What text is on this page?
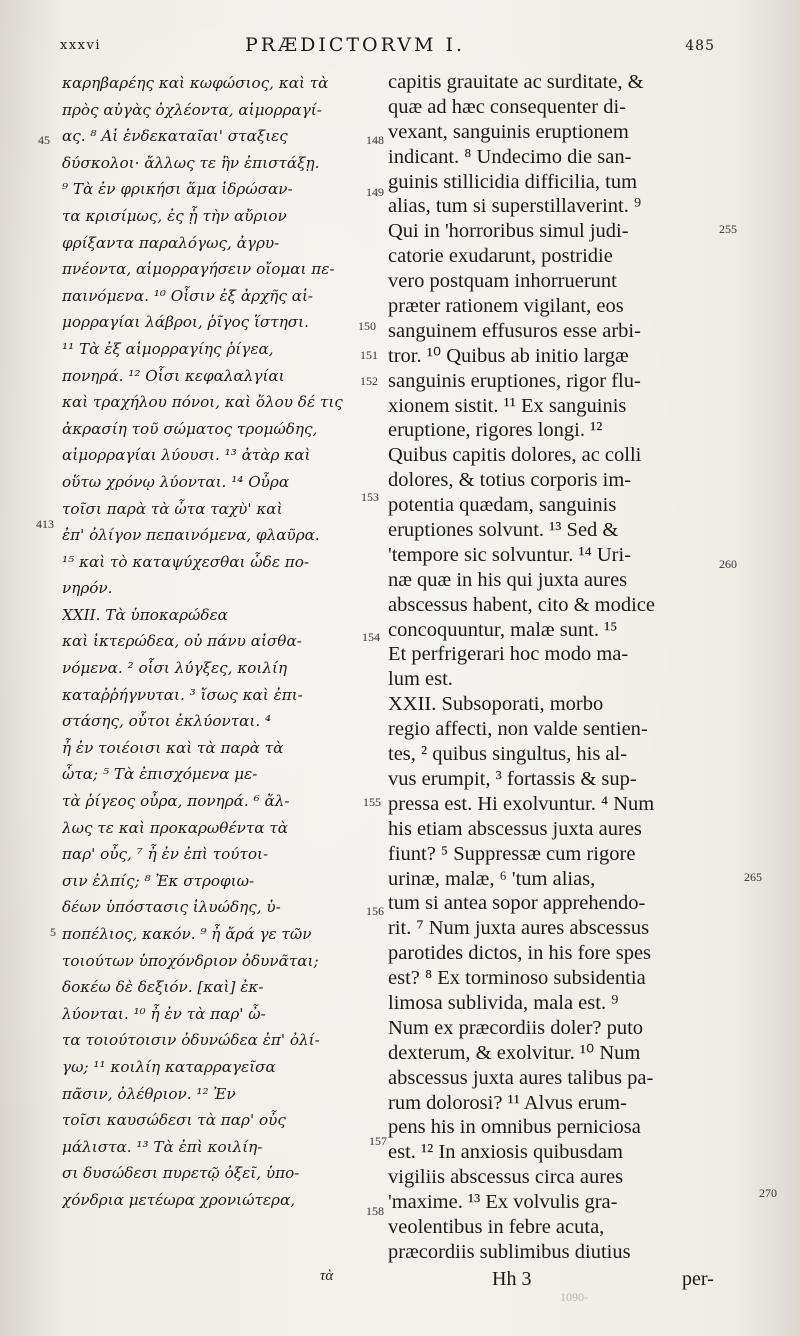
xxxvi	PRÆDICTORVM I.	485
καρηβαρέης καὶ κωφώσιος, καὶ τὰ
πρὸς αὐγὰς ὀχλέοντα, αἱμορραγί-
ας. ⁸ Αἱ ἑνδεκαταῖαι' σταξιες
δύσκολοι· ἄλλως τε ἢν ἐπιστάξῃ.
⁹ Τὰ ἐν φρικήσι ἅμα ἱδρώσαν-
τα κρισίμως, ἐς ᾗ τὴν αὔριον
φρίξαντα παραλόγως, ἀγρυ-
πνέοντα, αἱμορραγήσειν οἴομαι πε-
παινόμενα. ¹⁰ Οἷσιν ἐξ ἀρχῆς αἱ-
μορραγίαι λάβροι, ῥῖγος ἵστησι.
¹¹ Τὰ ἐξ αἱμορραγίης ῥίγεα,
πονηρά. ¹² Οἷσι κεφαλαλγίαι
καὶ τραχήλου πόνοι, καὶ ὅλου δέ τις
ἀκρασίη τοῦ σώματος τρομώδης,
αἱμορραγίαι λύουσι. ¹³ ἀτὰρ καὶ
οὕτω χρόνῳ λύονται. ¹⁴ Οὖρα
τοῖσι παρὰ τὰ ὦτα ταχὺ' καὶ
ἐπ' ὀλίγον πεπαινόμενα, φλαῦρα.
¹⁵ καὶ τὸ καταψύχεσθαι ὧδε πο-
νηρόν.
XXII. Τὰ ὑποκαρώδεα
καὶ ἰκτερώδεα, οὐ πάνυ αἰσθα-
νόμενα. ² οἷσι λύγξες, κοιλίη
καταῤῥήγνυται. ³ ἴσως καὶ ἐπι-
στάσης, οὗτοι ἐκλύονται. ⁴
ἦ ἐν τοιέοισι καὶ τὰ παρὰ τὰ
ὦτα; ⁵ Τὰ ἐπισχόμενα με-
τὰ ῥίγεος οὖρα, πονηρά. ⁶ ἄλ-
λως τε καὶ προκαρωθέντα τὰ
παρ' οὖς, ⁷ ἦ ἐν ἐπὶ τούτοι-
σιν ἐλπίς; ⁸ Ἐκ στροφιω-
δέων ὑπόστασις ἰλυώδης, ὑ-
ποπέλιος, κακόν. ⁹ ἦ ἄρά γε τῶν
τοιούτων ὑποχόνδριον ὀδυνᾶται;
δοκέω δὲ δεξιόν. [καὶ] ἐκ-
λύονται. ¹⁰ ἦ ἐν τὰ παρ' ὦ-
τα τοιούτοισιν ὀδυνώδεα ἐπ' ὀλί-
γω; ¹¹ κοιλίη καταρραγεῖσα
πᾶσιν, ὀλέθριον. ¹² Ἐν
τοῖσι καυσώδεσι τὰ παρ' οὖς
μάλιστα. ¹³ Τὰ ἐπὶ κοιλίη-
σι δυσώδεσι πυρετῷ ὀξεῖ, ὑπο-
χόνδρια μετέωρα χρονιώτερα,
capitis grauitate ac surditate, &
quæ ad hæc consequenter di-
vexant, sanguinis eruptionem
indicant. ⁸ Undecimo die san-
guinis stillicidia difficilia, tum
alias, tum si superstillaverint. ⁹
Qui in 'horroribus simul judi-
catorie exudarunt, postridie
vero postquam inhorruerunt
præter rationem vigilant, eos
sanguinem effusuros esse arbi-
tror. ¹⁰ Quibus ab initio largæ
sanguinis eruptiones, rigor flu-
xionem sistit. ¹¹ Ex sanguinis
eruptione, rigores longi. ¹²
Quibus capitis dolores, ac colli
dolores, & totius corporis im-
potentia quædam, sanguinis
eruptiones solvunt. ¹³ Sed &
'tempore sic solvuntur. ¹⁴ Uri-
næ quæ in his qui juxta aures
abscessus habent, cito & modice
concoquuntur, malæ sunt. ¹⁵
Et perfrigerari hoc modo ma-
lum est.
XXII. Subsoporati, morbo
regio affecti, non valde sentien-
tes, ² quibus singultus, his al-
vus erumpit, ³ fortassis & sup-
pressa est. Hi exolvuntur. ⁴ Num
his etiam abscessus juxta aures
fiunt? ⁵ Suppressæ cum rigore
urinæ, malæ, ⁶ 'tum alias,
tum si antea sopor apprehendo-
rit. ⁷ Num juxta aures abscessus
parotides dictos, in his fore spes
est? ⁸ Ex torminoso subsidentia
limosa sublivida, mala est. ⁹
Num ex præcordiis doler? puto
dexterum, & exolvitur. ¹⁰ Num
abscessus juxta aures talibus pa-
rum dolorosi? ¹¹ Alvus erum-
pens his in omnibus perniciosa
est. ¹² In anxiosis quibusdam
vigiliis abscessus circa aures
'maxime. ¹³ Ex volvulis gra-
veolentibus in febre acuta,
præcordiis sublimibus diutius
148
149
150
151
152
153
154
155
156
157
158
45
413
5
255
260
265
270
τὰ	Hh 3	per-
1090-
